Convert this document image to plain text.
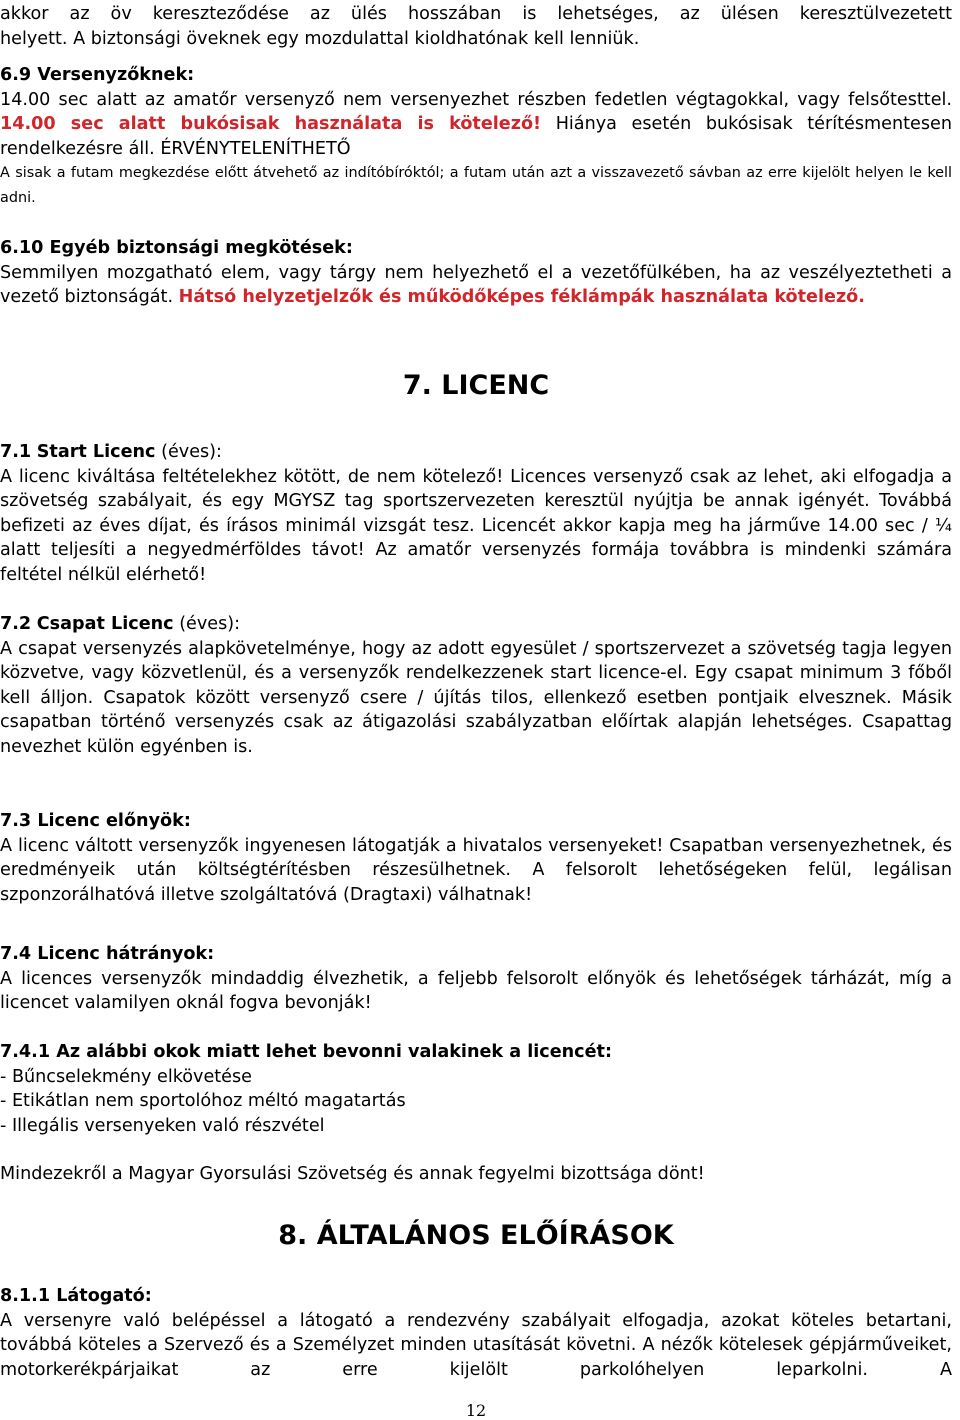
akkor az öv kereszteződése az ülés hosszában is lehetséges, az ülésen keresztülvezetett

helyett. A biztonsági öveknek egy mozdulattal kioldhatónak kell lenniük.

6.9 Versenyzőknek:

14.00 sec alatt az amatőr versenyző nem versenyezhet részben fedetlen végtagokkal, vagy felsőtesttel. 14.00 sec alatt bukósisak használata is kötelező! Hiánya esetén bukósisak térítésmentesen rendelkezésre áll. ÉRVÉNYTELENÍTHETŐ

A sisak a futam megkezdése előtt átvehető az indítóbíróktól; a futam után azt a visszavezető sávban az erre kijelölt helyen le kell adni.

6.10 Egyéb biztonsági megkötések:

Semmilyen mozgatható elem, vagy tárgy nem helyezhető el a vezetőfülkében, ha az veszélyeztetheti a vezető biztonságát. Hátsó helyzetjelzők és működőképes féklámpák használata kötelező.

7. LICENC

7.1 Start Licenc (éves):

A licenc kiváltása feltételekhez kötött, de nem kötelező! Licences versenyző csak az lehet, aki elfogadja a szövetség szabályait, és egy MGYSZ tag sportszervezeten keresztül nyújtja be annak igényét. Továbbá befizeti az éves díjat, és írásos minimál vizsgát tesz. Licencét akkor kapja meg ha járműve 14.00 sec / ¼ alatt teljesíti a negyedmérföldes távot! Az amatőr versenyzés formája továbbra is mindenki számára feltétel nélkül elérhető!

7.2 Csapat Licenc (éves):

A csapat versenyzés alapkövetelménye, hogy az adott egyesület / sportszervezet a szövetség tagja legyen közvetve, vagy közvetlenül, és a versenyzők rendelkezzenek start licence-el. Egy csapat minimum 3 főből kell álljon. Csapatok között versenyző csere / újítás tilos, ellenkező esetben pontjaik elvesznek. Másik csapatban történő versenyzés csak az átigazolási szabályzatban előírtak alapján lehetséges. Csapattag nevezhet külön egyénben is.

7.3 Licenc előnyök:

A licenc váltott versenyzők ingyenesen látogatják a hivatalos versenyeket! Csapatban versenyezhetnek, és eredményeik után költségtérítésben részesülhetnek. A felsorolt lehetőségeken felül, legálisan szponzorálhatóvá illetve szolgáltatóvá (Dragtaxi) válhatnak!

7.4 Licenc hátrányok:

A licences versenyzők mindaddig élvezhetik, a feljebb felsorolt előnyök és lehetőségek tárházát, míg a licencet valamilyen oknál fogva bevonják!

7.4.1 Az alábbi okok miatt lehet bevonni valakinek a licencét:

- Bűncselekmény elkövetése

- Etikátlan nem sportolóhoz méltó magatartás

- Illegális versenyeken való részvétel

Mindezekről a Magyar Gyorsulási Szövetség és annak fegyelmi bizottsága dönt!

8. ÁLTALÁNOS ELŐÍRÁSOK

8.1.1 Látogató:

A versenyre való belépéssel a látogató a rendezvény szabályait elfogadja, azokat köteles betartani, továbbá köteles a Szervező és a Személyzet minden utasítását követni. A nézők kötelesek gépjárműveiket, motorkerékpárjaikat az erre kijelölt parkolóhelyen leparkolni. A

12
